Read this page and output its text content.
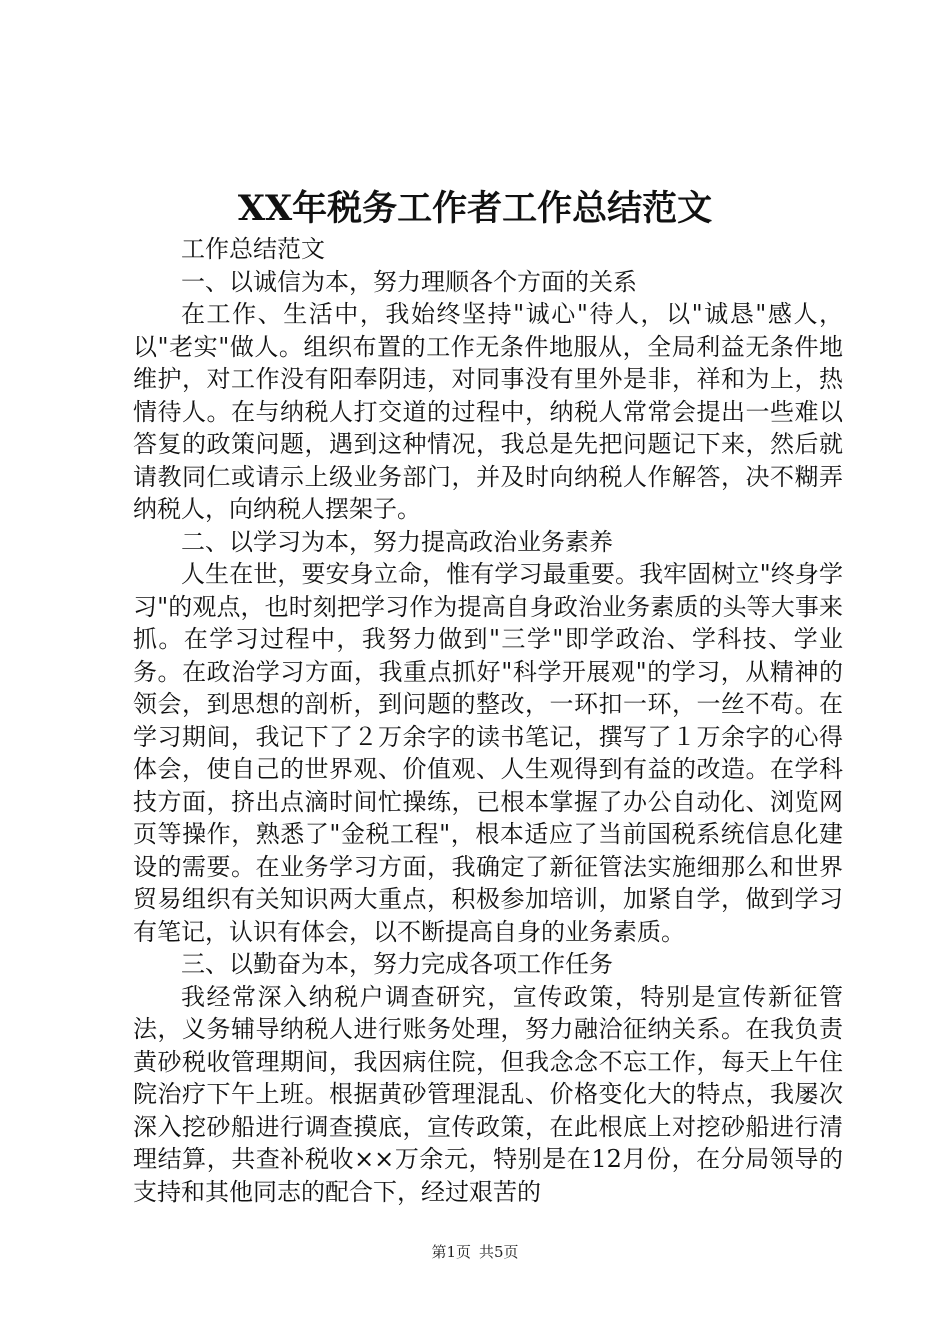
XX年税务工作者工作总结范文

工作总结范文

一、以诚信为本，努力理顺各个方面的关系

在工作、生活中，我始终坚持"诚心"待人，以"诚恳"感人，以"老实"做人。组织布置的工作无条件地服从，全局利益无条件地维护，对工作没有阳奉阴违，对同事没有里外是非，祥和为上，热情待人。在与纳税人打交道的过程中，纳税人常常会提出一些难以答复的政策问题，遇到这种情况，我总是先把问题记下来，然后就请教同仁或请示上级业务部门，并及时向纳税人作解答，决不糊弄纳税人，向纳税人摆架子。

二、以学习为本，努力提高政治业务素养

人生在世，要安身立命，惟有学习最重要。我牢固树立"终身学习"的观点，也时刻把学习作为提高自身政治业务素质的头等大事来抓。在学习过程中，我努力做到"三学"即学政治、学科技、学业务。在政治学习方面，我重点抓好"科学开展观"的学习，从精神的领会，到思想的剖析，到问题的整改，一环扣一环，一丝不苟。在学习期间，我记下了２万余字的读书笔记，撰写了１万余字的心得体会，使自己的世界观、价值观、人生观得到有益的改造。在学科技方面，挤出点滴时间忙操练，已根本掌握了办公自动化、浏览网页等操作，熟悉了"金税工程"，根本适应了当前国税系统信息化建设的需要。在业务学习方面，我确定了新征管法实施细那么和世界贸易组织有关知识两大重点，积极参加培训，加紧自学，做到学习有笔记，认识有体会，以不断提高自身的业务素质。

三、以勤奋为本，努力完成各项工作任务

我经常深入纳税户调查研究，宣传政策，特别是宣传新征管法，义务辅导纳税人进行账务处理，努力融洽征纳关系。在我负责黄砂税收管理期间，我因病住院，但我念念不忘工作，每天上午住院治疗下午上班。根据黄砂管理混乱、价格变化大的特点，我屡次深入挖砂船进行调查摸底，宣传政策，在此根底上对挖砂船进行清理结算，共查补税收××万余元，特别是在12月份，在分局领导的支持和其他同志的配合下，经过艰苦的

第1页 共5页
